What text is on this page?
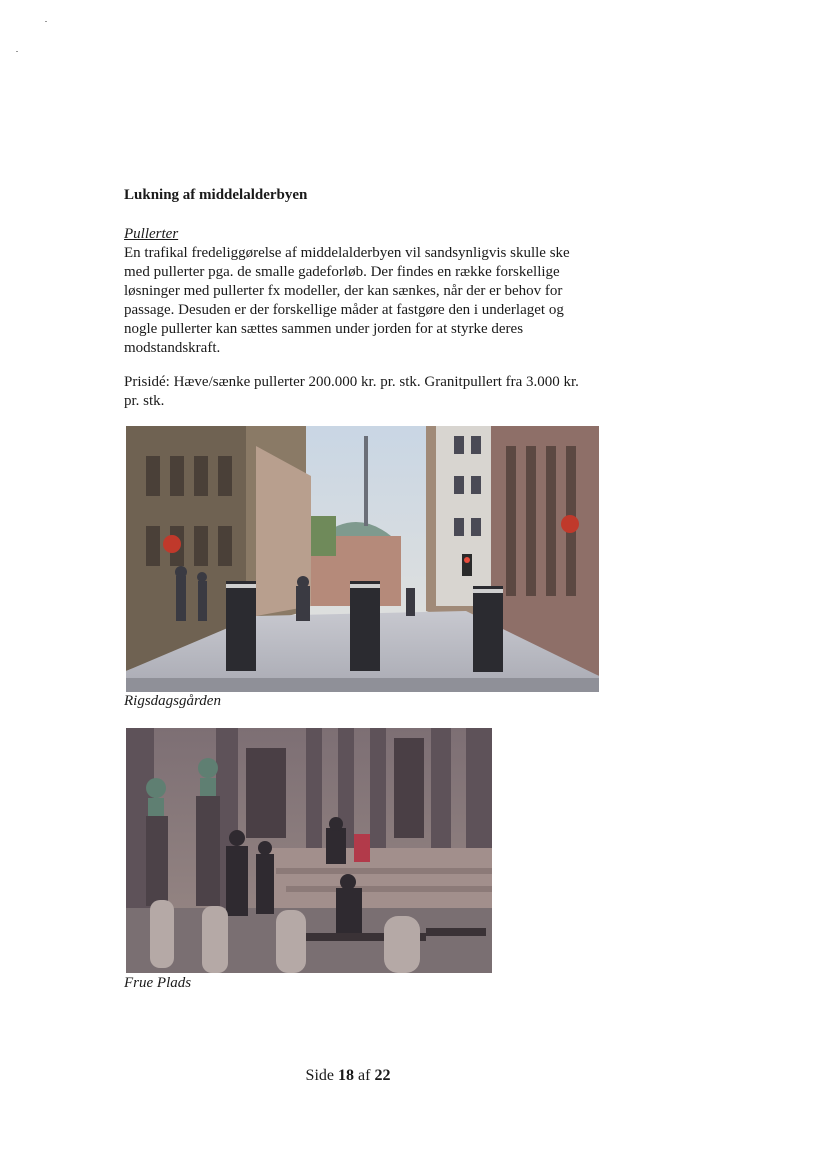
Lukning af middelalderbyen

Pullerter

En trafikal fredeliggørelse af middelalderbyen vil sandsynligvis skulle ske med pullerter pga. de smalle gadeforløb. Der findes en række forskellige løsninger med pullerter fx modeller, der kan sænkes, når der er behov for passage. Desuden er der forskellige måder at fastgøre den i underlaget og nogle pullerter kan sættes sammen under jorden for at styrke deres modstandskraft.

Prisidé: Hæve/sænke pullerter 200.000 kr. pr. stk. Granitpullert fra 3.000 kr. pr. stk.

Rigsdagsgården

Frue Plads

Side 18 af 22
